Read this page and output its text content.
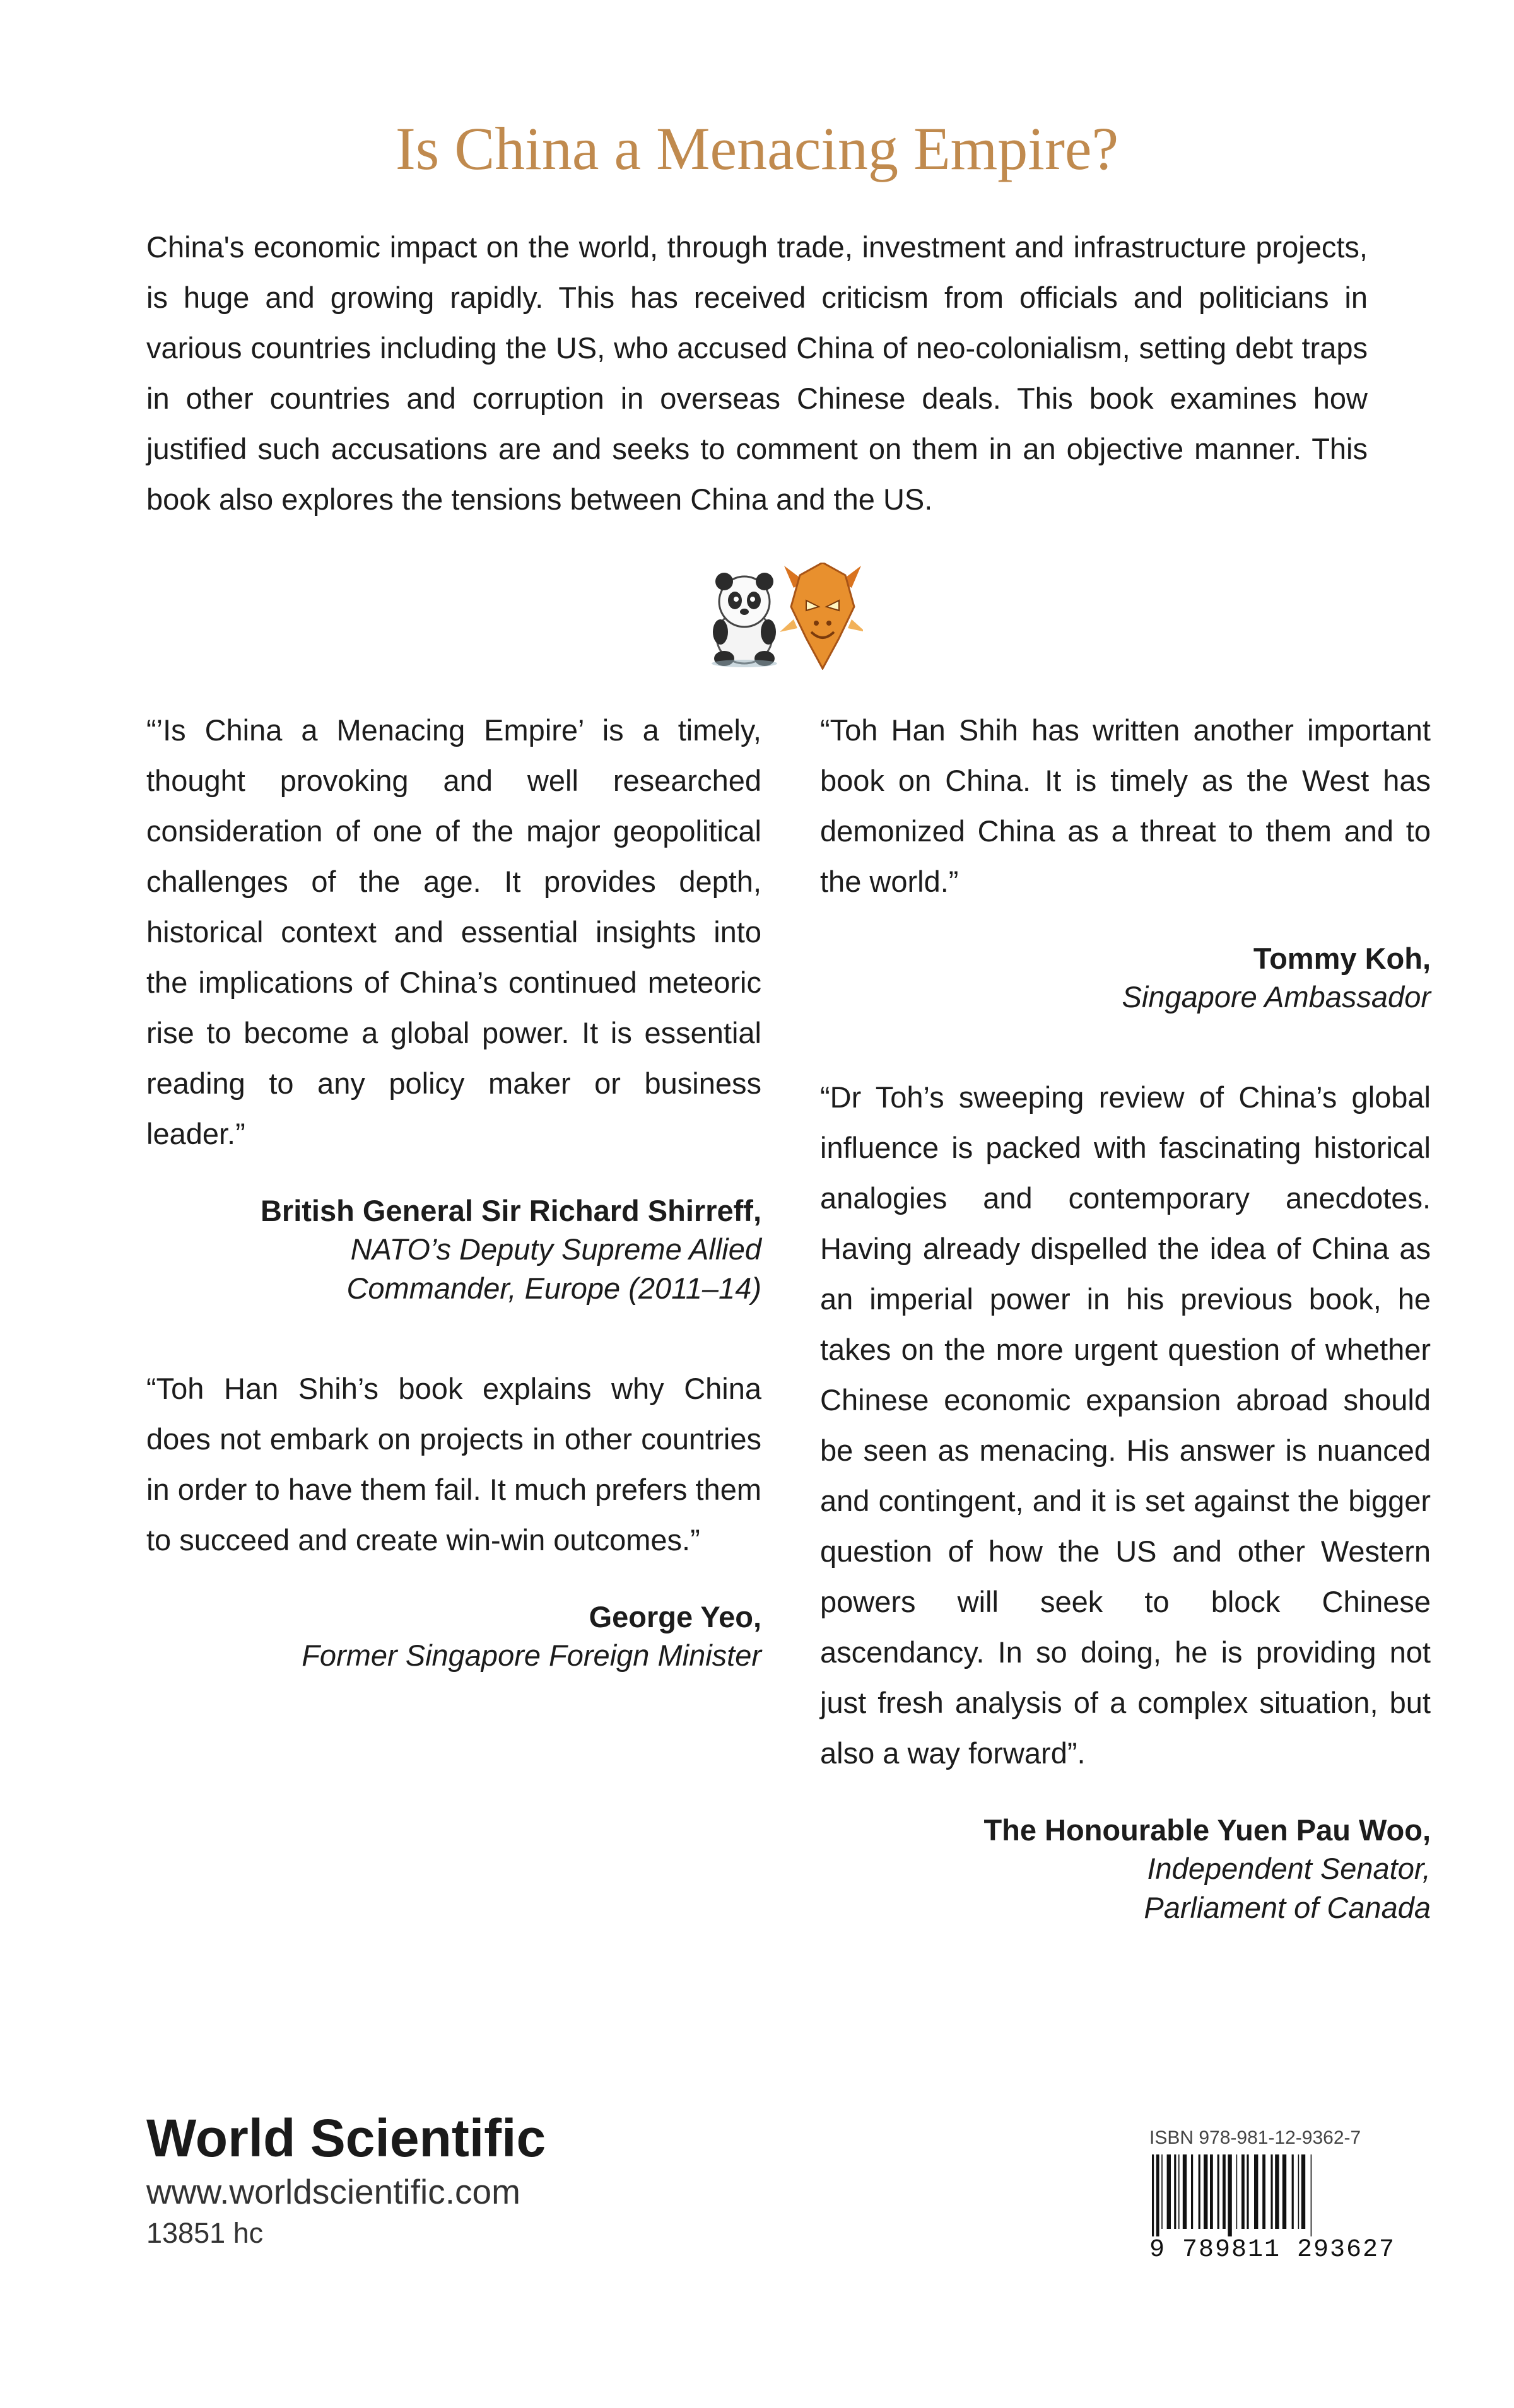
Is China a Menacing Empire?

China's economic impact on the world, through trade, investment and infrastructure projects, is huge and growing rapidly. This has received criticism from officials and politicians in various countries including the US, who accused China of neo-colonialism, setting debt traps in other countries and corruption in overseas Chinese deals. This book examines how justified such accusations are and seeks to comment on them in an objective manner. This book also explores the tensions between China and the US.

“’Is China a Menacing Empire’ is a timely, thought provoking and well researched consideration of one of the major geopolitical challenges of the age. It provides depth, historical context and essential insights into the implications of China’s continued meteoric rise to become a global power. It is essential reading to any policy maker or business leader.”

British General Sir Richard Shirreff,
NATO’s Deputy Supreme Allied
Commander, Europe (2011–14)

“Toh Han Shih’s book explains why China does not embark on projects in other countries in order to have them fail. It much prefers them to succeed and create win-win outcomes.”

George Yeo,
Former Singapore Foreign Minister

“Toh Han Shih has written another important book on China. It is timely as the West has demonized China as a threat to them and to the world.”

Tommy Koh,
Singapore Ambassador

“Dr Toh’s sweeping review of China’s global influence is packed with fascinating historical analogies and contemporary anecdotes. Having already dispelled the idea of China as an imperial power in his previous book, he takes on the more urgent question of whether Chinese economic expansion abroad should be seen as menacing. His answer is nuanced and contingent, and it is set against the bigger question of how the US and other Western powers will seek to block Chinese ascendancy. In so doing, he is providing not just fresh analysis of a complex situation, but also a way forward”.

The Honourable Yuen Pau Woo,
Independent Senator,
Parliament of Canada

World Scientific
www.worldscientific.com
13851 hc
ISBN 978-981-12-9362-7
9 789811 293627
